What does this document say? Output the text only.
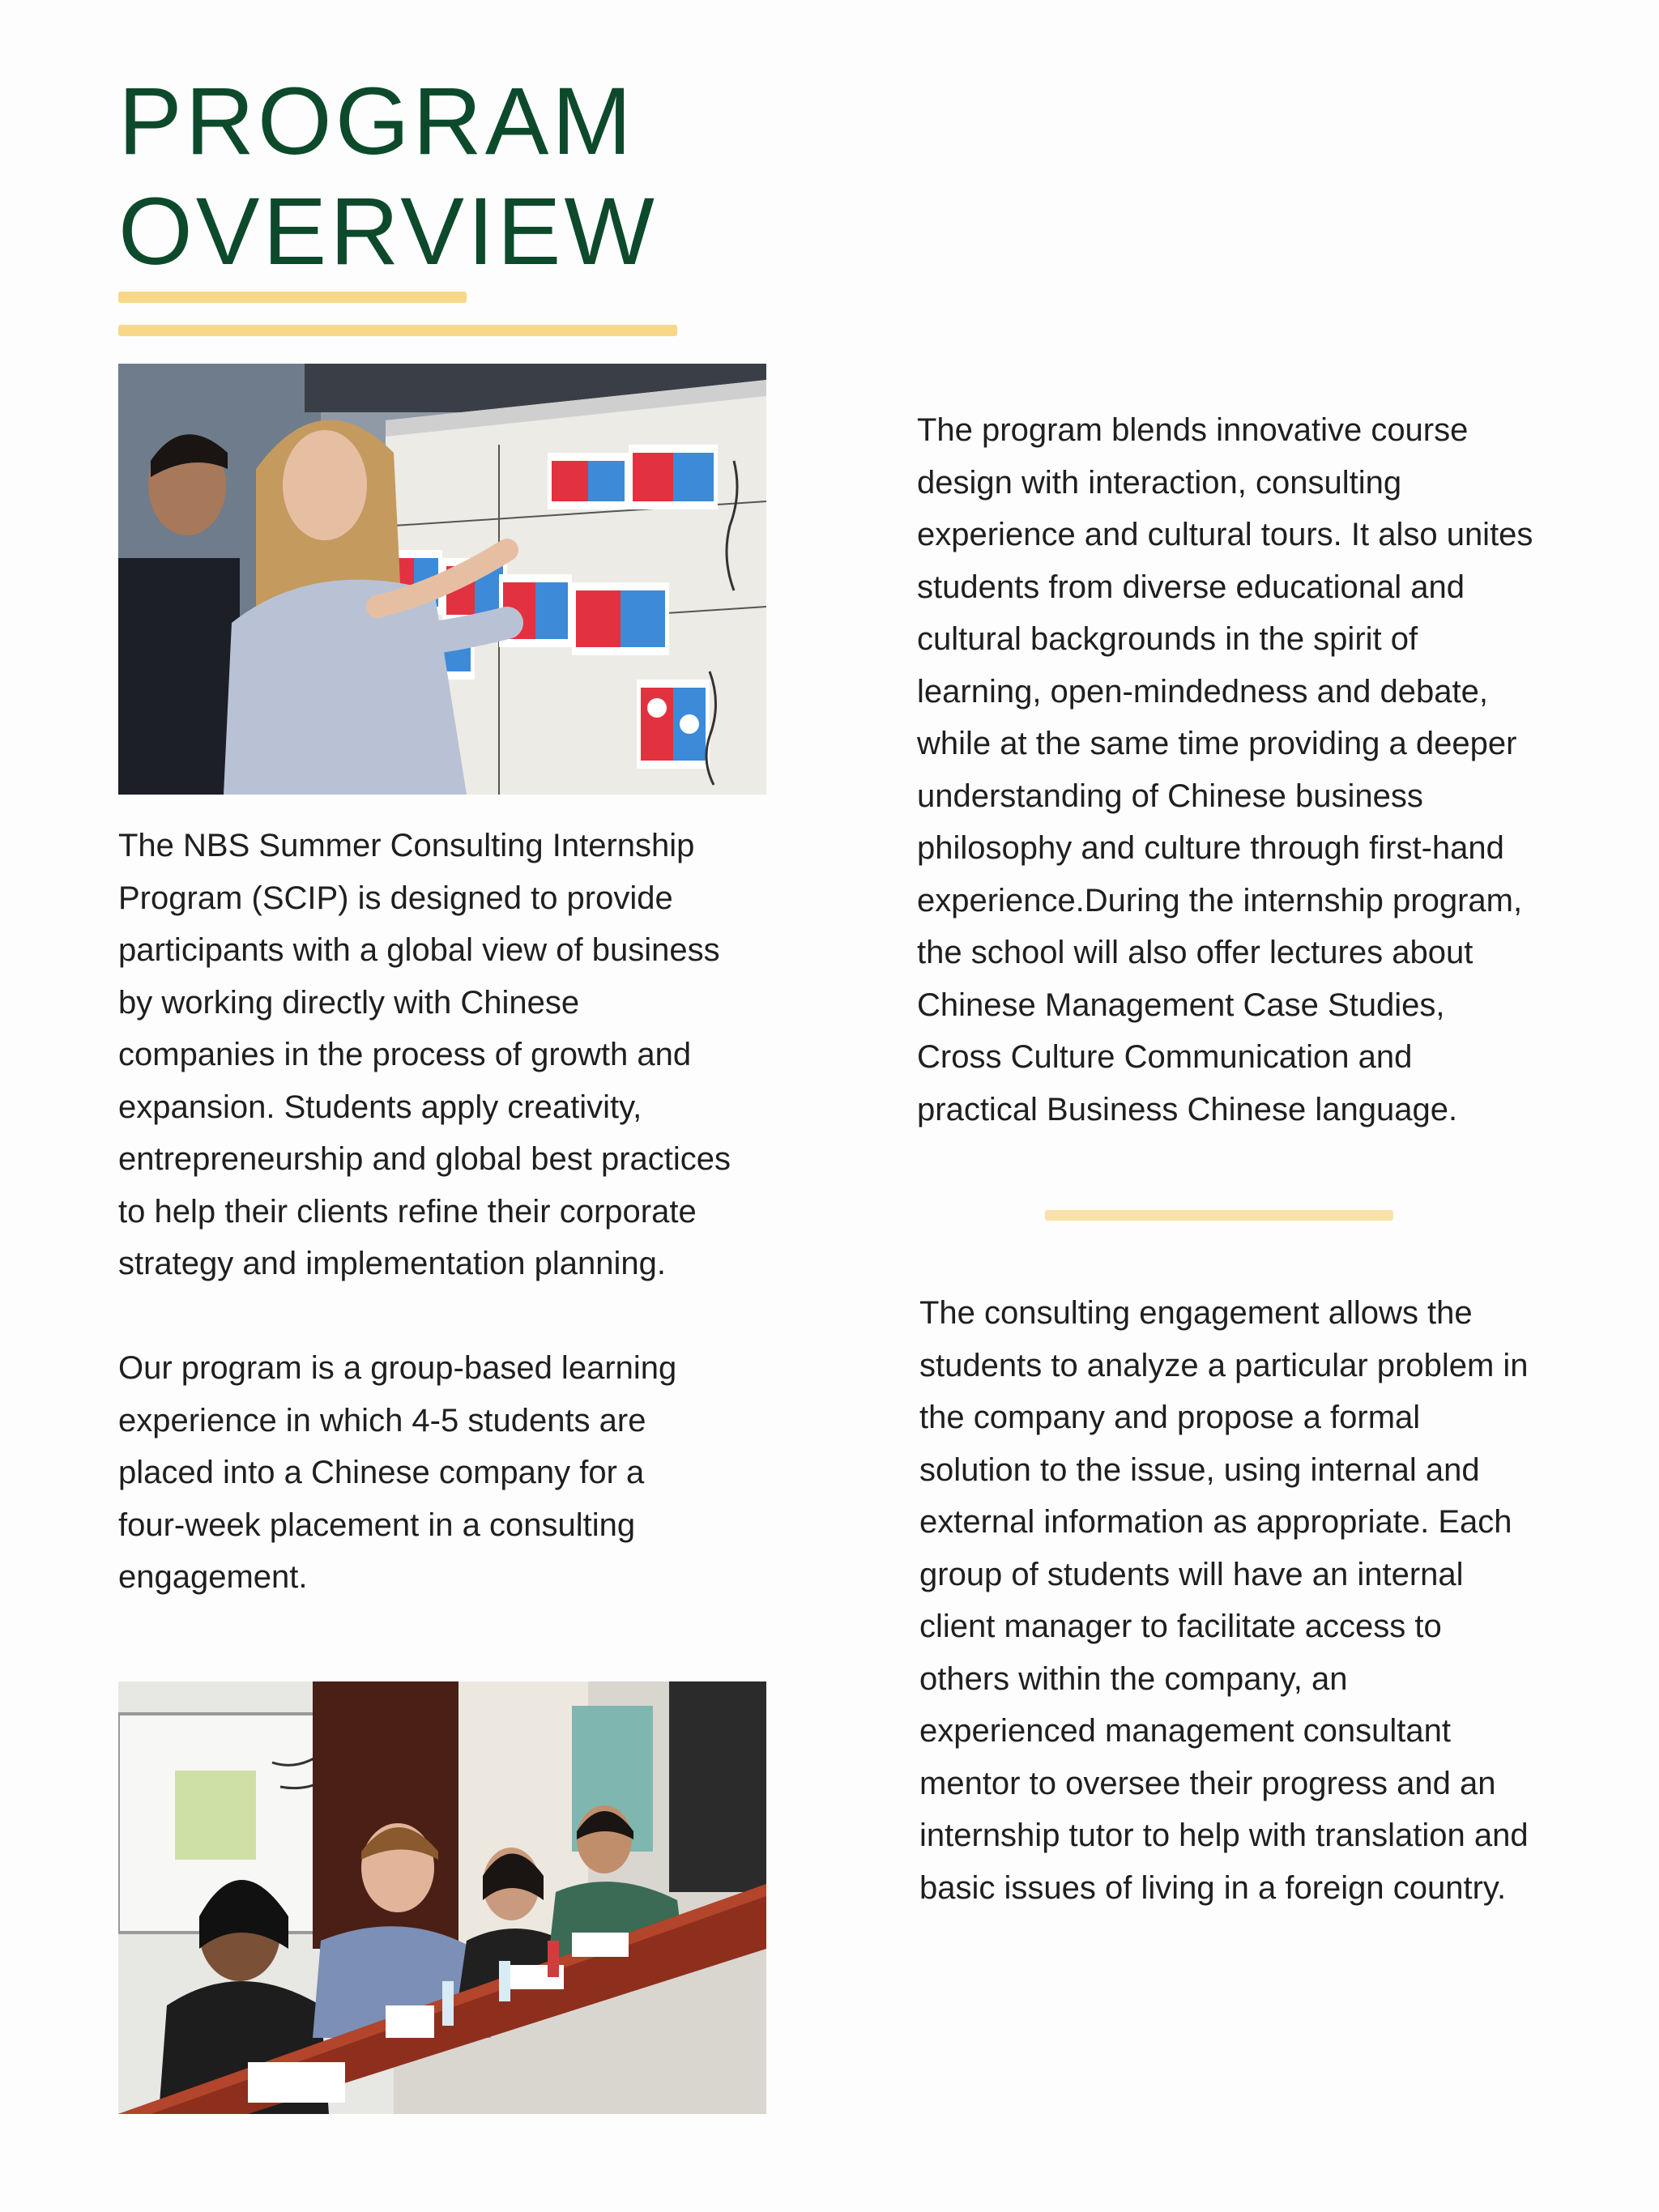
PROGRAM
OVERVIEW
The NBS Summer Consulting Internship
Program (SCIP) is designed to provide
participants with a global view of business
by working directly with Chinese
companies in the process of growth and
expansion. Students apply creativity,
entrepreneurship and global best practices
to help their clients refine their corporate
strategy and implementation planning.
Our program is a group-based learning
experience in which 4-5 students are
placed into a Chinese company for a
four-week placement in a consulting
engagement.
The program blends innovative course
design with interaction, consulting
experience and cultural tours. It also unites
students from diverse educational and
cultural backgrounds in the spirit of
learning, open-mindedness and debate,
while at the same time providing a deeper
understanding of Chinese business
philosophy and culture through first-hand
experience.During the internship program,
the school will also offer lectures about
Chinese Management Case Studies,
Cross Culture Communication and
practical Business Chinese language.
The consulting engagement allows the
students to analyze a particular problem in
the company and propose a formal
solution to the issue, using internal and
external information as appropriate. Each
group of students will have an internal
client manager to facilitate access to
others within the company, an
experienced management consultant
mentor to oversee their progress and an
internship tutor to help with translation and
basic issues of living in a foreign country.
